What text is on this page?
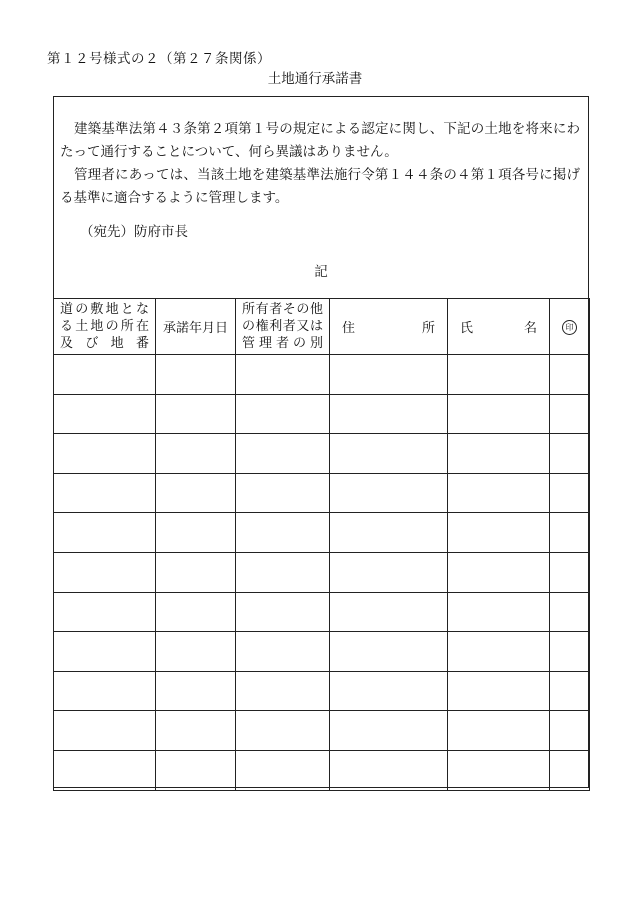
第１２号様式の２（第２７条関係）
土地通行承諾書

建築基準法第４３条第２項第１号の規定による認定に関し、下記の土地を将来にわたって通行することについて、何ら異議はありません。

管理者にあっては、当該土地を建築基準法施行令第１４４条の４第１項各号に掲げる基準に適合するように管理します。

（宛先）防府市長
記
道の敷地となる土地の所在及び地番	承諾年月日	所有者その他の権利者又は管理者の別	住 所	氏 名	印
